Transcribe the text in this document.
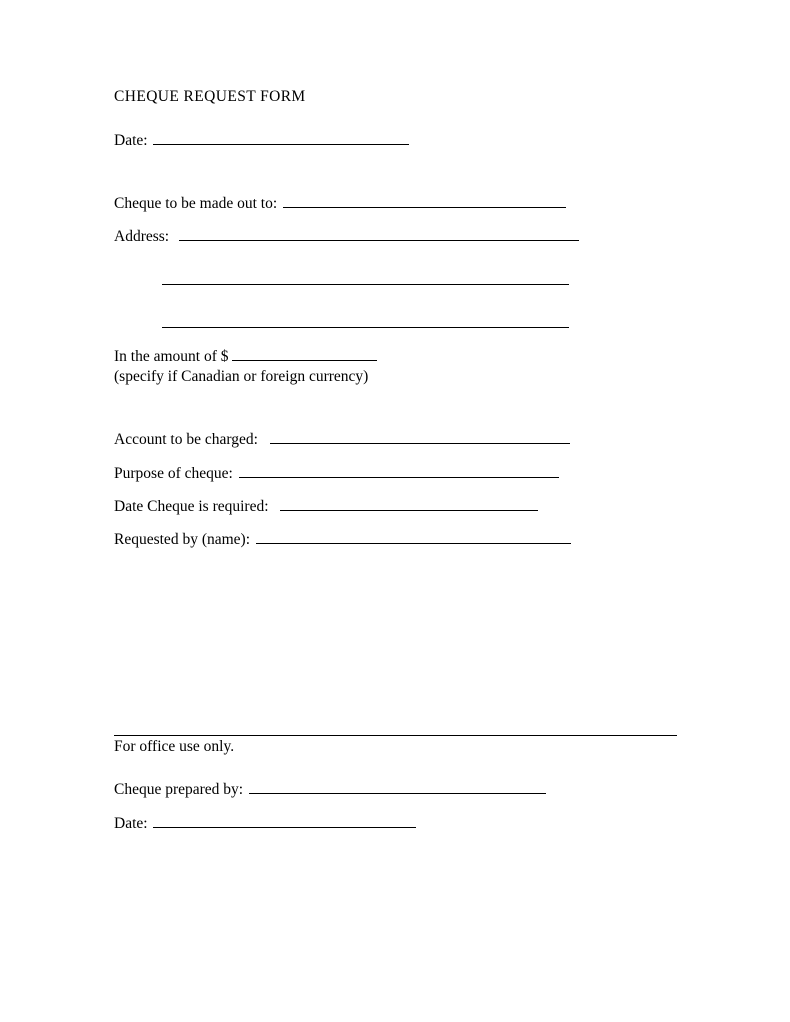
CHEQUE REQUEST FORM
Date:
Cheque to be made out to:
Address:
In the amount of $
(specify if Canadian or foreign currency)
Account to be charged:
Purpose of cheque:
Date Cheque is required:
Requested by (name):
For office use only.
Cheque prepared by:
Date:
